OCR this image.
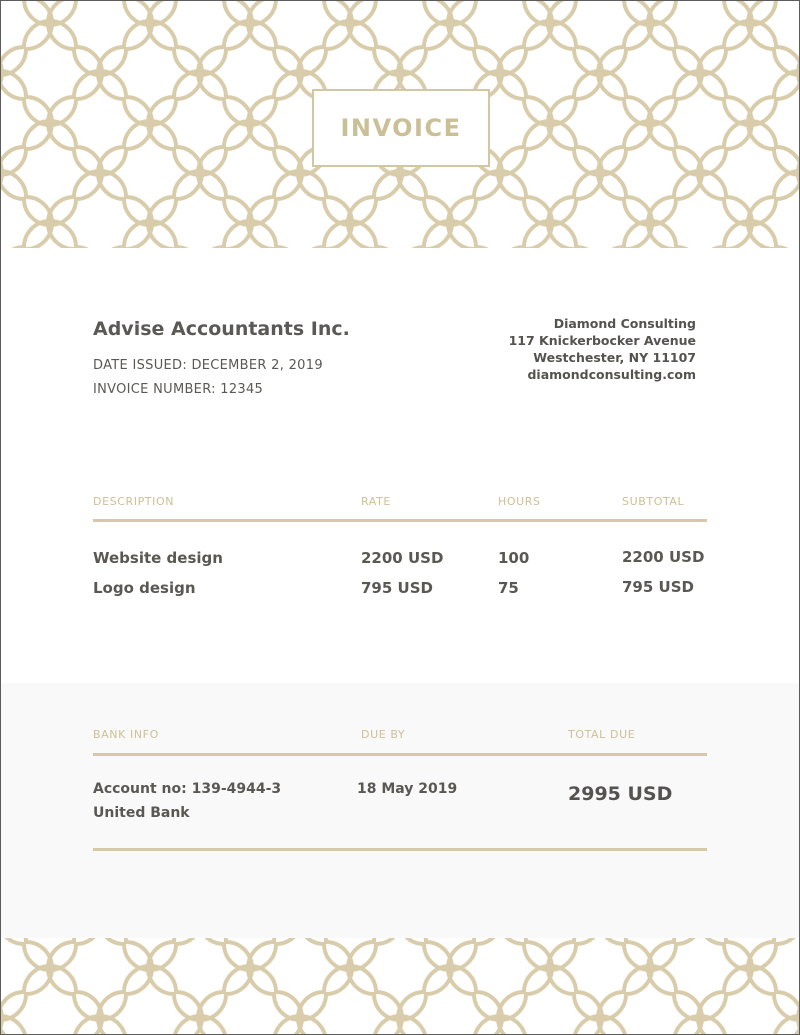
INVOICE
Advise Accountants Inc.
DATE ISSUED: DECEMBER 2, 2019
INVOICE NUMBER: 12345
Diamond Consulting
117 Knickerbocker Avenue
Westchester, NY 11107
diamondconsulting.com
DESCRIPTION	RATE	HOURS	SUBTOTAL
Website design	2200 USD	100	2200 USD
Logo design	795 USD	75	795 USD
BANK INFO	DUE BY	TOTAL DUE
Account no: 139-4944-3
United Bank
18 May 2019	2995 USD
